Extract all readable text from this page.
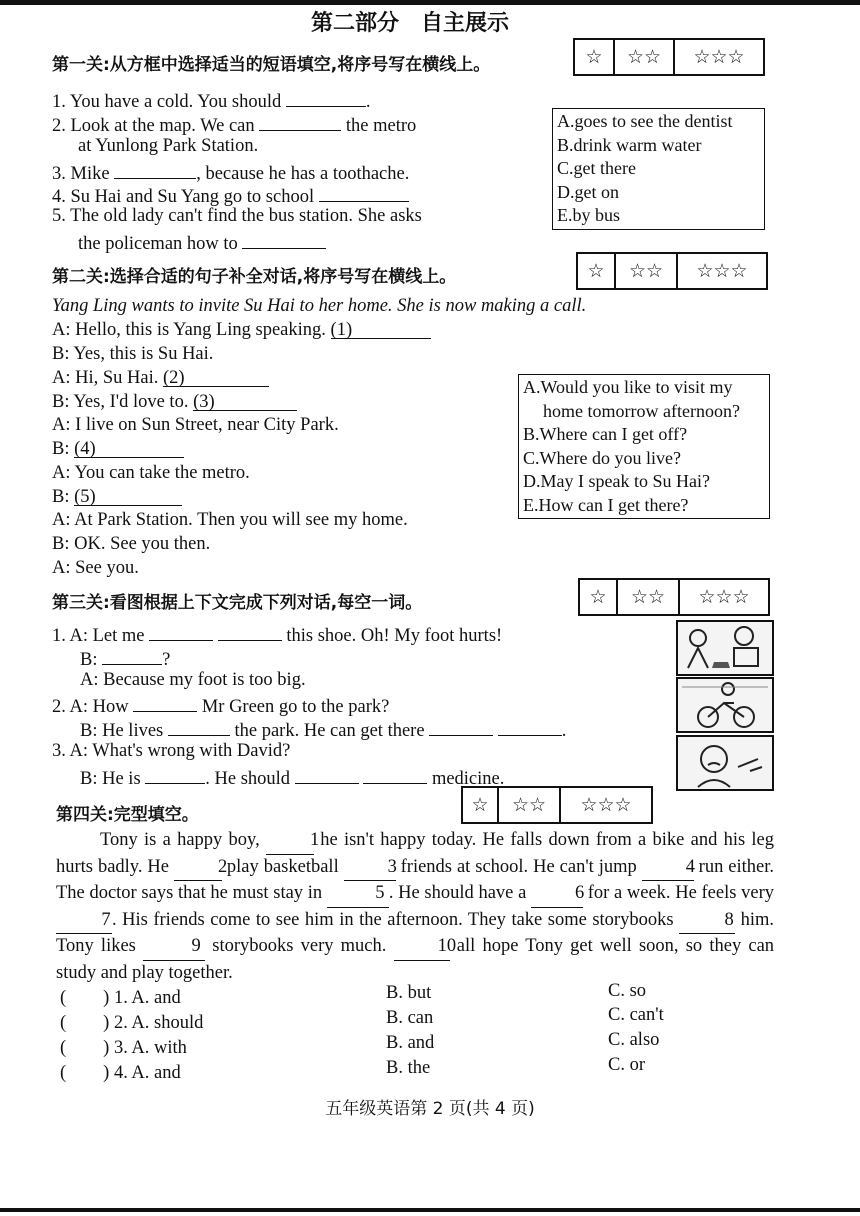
第二部分　自主展示
第一关:从方框中选择适当的短语填空,将序号写在横线上。	☆	☆☆	☆☆☆
1. You have a cold. You should	.
2. Look at the map. We can	the metro
at Yunlong Park Station.
3. Mike	, because he has a toothache.
4. Su Hai and Su Yang go to school
5. The old lady can't find the bus station. She asks
the policeman how to
A.goes to see the dentist
B.drink warm water
C.get there
D.get on
E.by bus
第二关:选择合适的句子补全对话,将序号写在横线上。	☆	☆☆	☆☆☆
Yang Ling wants to invite Su Hai to her home. She is now making a call.
A: Hello, this is Yang Ling speaking. (1)
B: Yes, this is Su Hai.
A: Hi, Su Hai. (2)
B: Yes, I'd love to. (3)
A: I live on Sun Street, near City Park.
B: (4)
A: You can take the metro.
B: (5)
A: At Park Station. Then you will see my home.
B: OK. See you then.
A: See you.
A.Would you like to visit my
home tomorrow afternoon?
B.Where can I get off?
C.Where do you live?
D.May I speak to Su Hai?
E.How can I get there?
第三关:看图根据上下文完成下列对话,每空一词。	☆	☆☆	☆☆☆
1. A: Let me	this shoe. Oh! My foot hurts!
B:	?
A: Because my foot is too big.
2. A: How	Mr Green go to the park?
B: He lives	the park. He can get there	.
3. A: What's wrong with David?
B: He is	. He should	medicine.
第四关:完型填空。	☆	☆☆	☆☆☆
Tony is a happy boy,	1 he isn't happy today. He falls down from a bike and his leg hurts badly. He	2 play basketball	3 friends at school. He can't jump	4 run either. The doctor says that he must stay in	5 . He should have a	6 for a week. He feels very 7. His friends come to see him in the afternoon. They take some storybooks	8 him. Tony likes	9 storybooks very much.	10 all hope Tony get well soon, so they can study and play together.
(　　) 1. A. and	B. but	C. so
(　　) 2. A. should	B. can	C. can't
(　　) 3. A. with	B. and	C. also
(　　) 4. A. and	B. the	C. or
五年级英语第 2 页(共 4 页)
